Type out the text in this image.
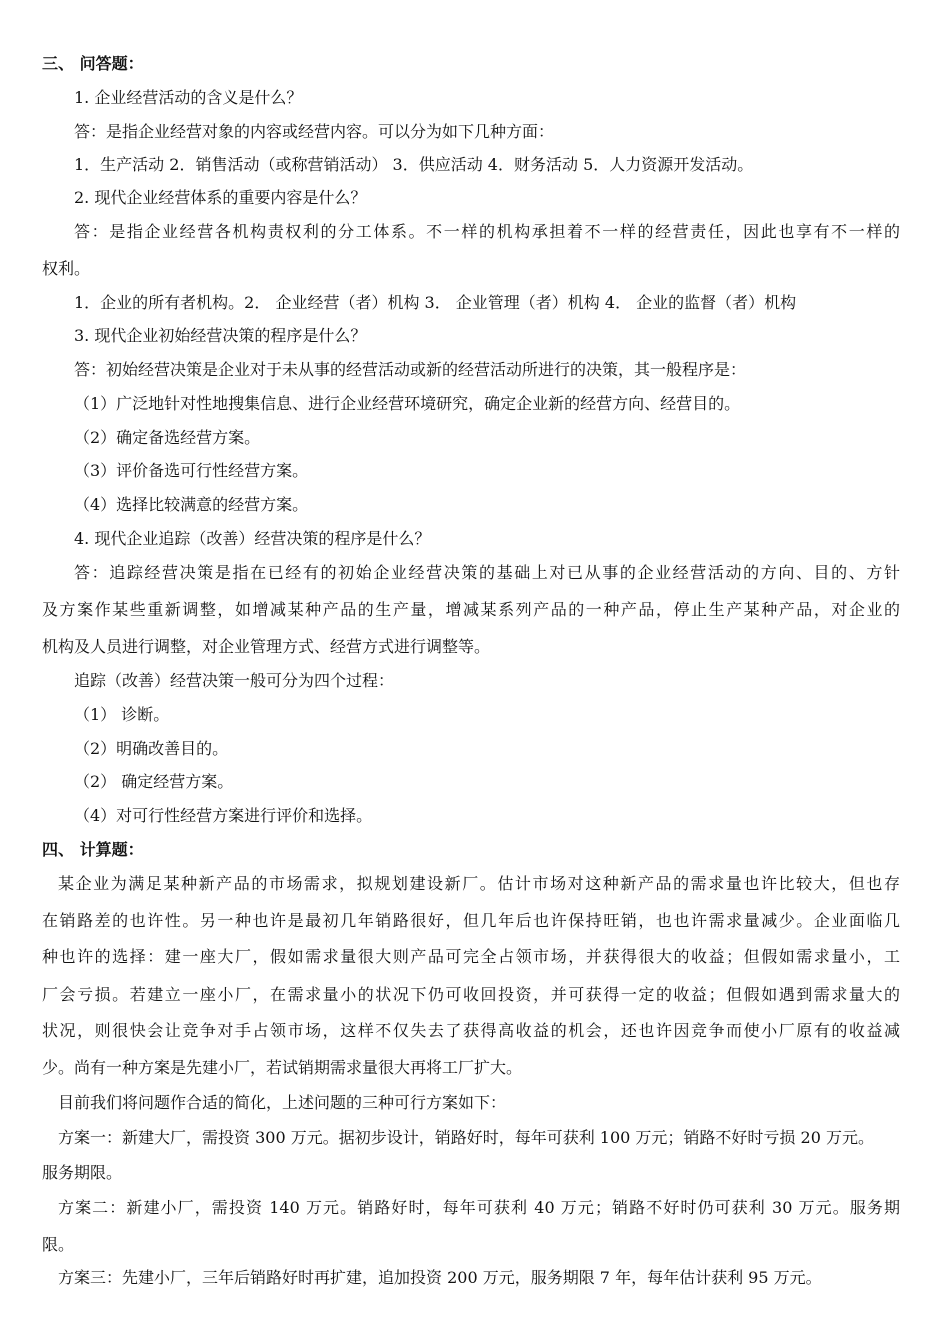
三、 问答题：
1. 企业经营活动的含义是什么？
答：是指企业经营对象的内容或经营内容。可以分为如下几种方面：
1．生产活动 2．销售活动（或称营销活动） 3．供应活动 4．财务活动 5．人力资源开发活动。
2. 现代企业经营体系的重要内容是什么？
答：是指企业经营各机构责权利的分工体系。不一样的机构承担着不一样的经营责任，因此也享有不一样的
权利。
1．企业的所有者机构。2． 企业经营（者）机构 3． 企业管理（者）机构 4． 企业的监督（者）机构
3. 现代企业初始经营决策的程序是什么？
答：初始经营决策是企业对于未从事的经营活动或新的经营活动所进行的决策，其一般程序是：
（1）广泛地针对性地搜集信息、进行企业经营环境研究，确定企业新的经营方向、经营目的。
（2）确定备选经营方案。
（3）评价备选可行性经营方案。
（4）选择比较满意的经营方案。
4. 现代企业追踪（改善）经营决策的程序是什么？
答：追踪经营决策是指在已经有的初始企业经营决策的基础上对已从事的企业经营活动的方向、目的、方针
及方案作某些重新调整，如增减某种产品的生产量，增减某系列产品的一种产品，停止生产某种产品，对企业的
机构及人员进行调整，对企业管理方式、经营方式进行调整等。
追踪（改善）经营决策一般可分为四个过程：
（1） 诊断。
（2）明确改善目的。
（2） 确定经营方案。
（4）对可行性经营方案进行评价和选择。
四、 计算题：
某企业为满足某种新产品的市场需求，拟规划建设新厂。估计市场对这种新产品的需求量也许比较大，但也存
在销路差的也许性。另一种也许是最初几年销路很好，但几年后也许保持旺销，也也许需求量减少。企业面临几
种也许的选择：建一座大厂，假如需求量很大则产品可完全占领市场，并获得很大的收益；但假如需求量小，工
厂会亏损。若建立一座小厂，在需求量小的状况下仍可收回投资，并可获得一定的收益；但假如遇到需求量大的
状况，则很快会让竞争对手占领市场，这样不仅失去了获得高收益的机会，还也许因竞争而使小厂原有的收益减
少。尚有一种方案是先建小厂，若试销期需求量很大再将工厂扩大。
目前我们将问题作合适的简化，上述问题的三种可行方案如下：
方案一：新建大厂，需投资 300 万元。据初步设计，销路好时，每年可获利 100 万元；销路不好时亏损 20 万元。
服务期限。
方案二：新建小厂，需投资 140 万元。销路好时，每年可获利 40 万元；销路不好时仍可获利 30 万元。服务期
限。
方案三：先建小厂，三年后销路好时再扩建，追加投资 200 万元，服务期限 7 年，每年估计获利 95 万元。
